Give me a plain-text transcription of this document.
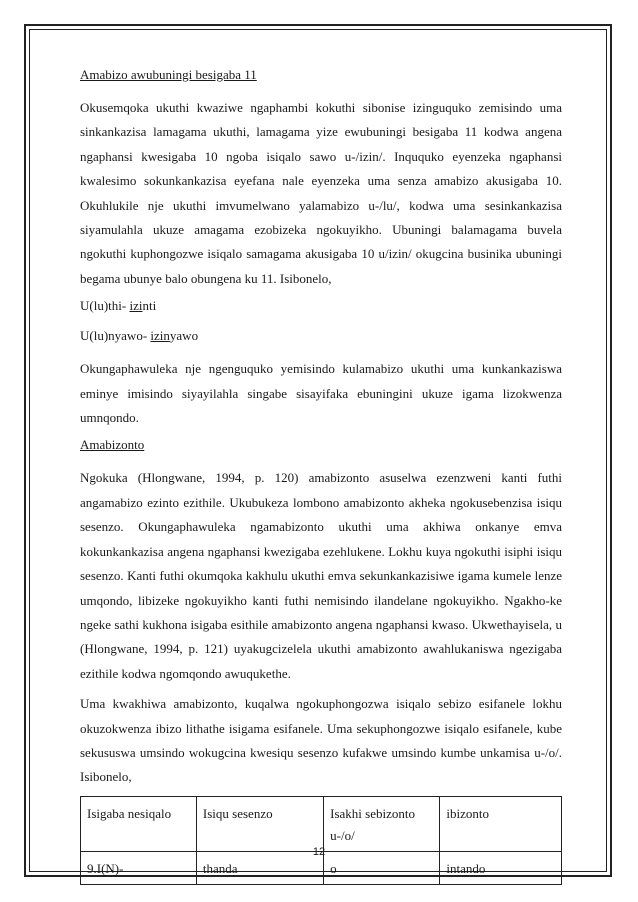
Amabizo awubuningi besigaba 11

Okusemqoka ukuthi kwaziwe ngaphambi kokuthi sibonise izinguquko zemisindo uma sinkankazisa lamagama ukuthi, lamagama yize ewubuningi besigaba 11 kodwa angena ngaphansi kwesigaba 10 ngoba isiqalo sawo u-/izin/. Inququko eyenzeka ngaphansi kwalesimo sokunkankazisa eyefana nale eyenzeka uma senza amabizo akusigaba 10. Okuhlukile nje ukuthi imvumelwano yalamabizo u-/lu/, kodwa uma sesinkankazisa siyamulahla ukuze amagama ezobizeka ngokuyikho. Ubuningi balamagama buvela ngokuthi kuphongozwe isiqalo samagama akusigaba 10 u/izin/ okugcina businika ubuningi begama ubunye balo obungena ku 11. Isibonelo,

U(lu)thi- izinti

U(lu)nyawo- izinyawo

Okungaphawuleka nje ngenguquko yemisindo kulamabizo ukuthi uma kunkankaziswa eminye imisindo siyayilahla singabe sisayifaka ebuningini ukuze igama lizokwenza umnqondo.

Amabizonto

Ngokuka (Hlongwane, 1994, p. 120) amabizonto asuselwa ezenzweni kanti futhi angamabizo ezinto ezithile. Ukubukeza lombono amabizonto akheka ngokusebenzisa isiqu sesenzo. Okungaphawuleka ngamabizonto ukuthi uma akhiwa onkanye emva kokunkankazisa angena ngaphansi kwezigaba ezehlukene. Lokhu kuya ngokuthi isiphi isiqu sesenzo. Kanti futhi okumqoka kakhulu ukuthi emva sekunkankazisiwe igama kumele lenze umqondo, libizeke ngokuyikho kanti futhi nemisindo ilandelane ngokuyikho. Ngakho-ke ngeke sathi kukhona isigaba esithile amabizonto angena ngaphansi kwaso. Ukwethayisela, u (Hlongwane, 1994, p. 121) uyakugcizelela ukuthi amabizonto awahlukaniswa ngezigaba ezithile kodwa ngomqondo awuqukethe.

Uma kwakhiwa amabizonto, kuqalwa ngokuphongozwa isiqalo sebizo esifanele lokhu okuzokwenza ibizo lithathe isigama esifanele. Uma sekuphongozwe isiqalo esifanele, kube sekususwa umsindo wokugcina kwesiqu sesenzo kufakwe umsindo kumbe unkamisa u-/o/. Isibonelo,

Isigaba nesiqalo	Isiqu sesenzo	Isakhi sebizonto u-/o/	ibizonto
9.I(N)-	thanda	o	intando
12
